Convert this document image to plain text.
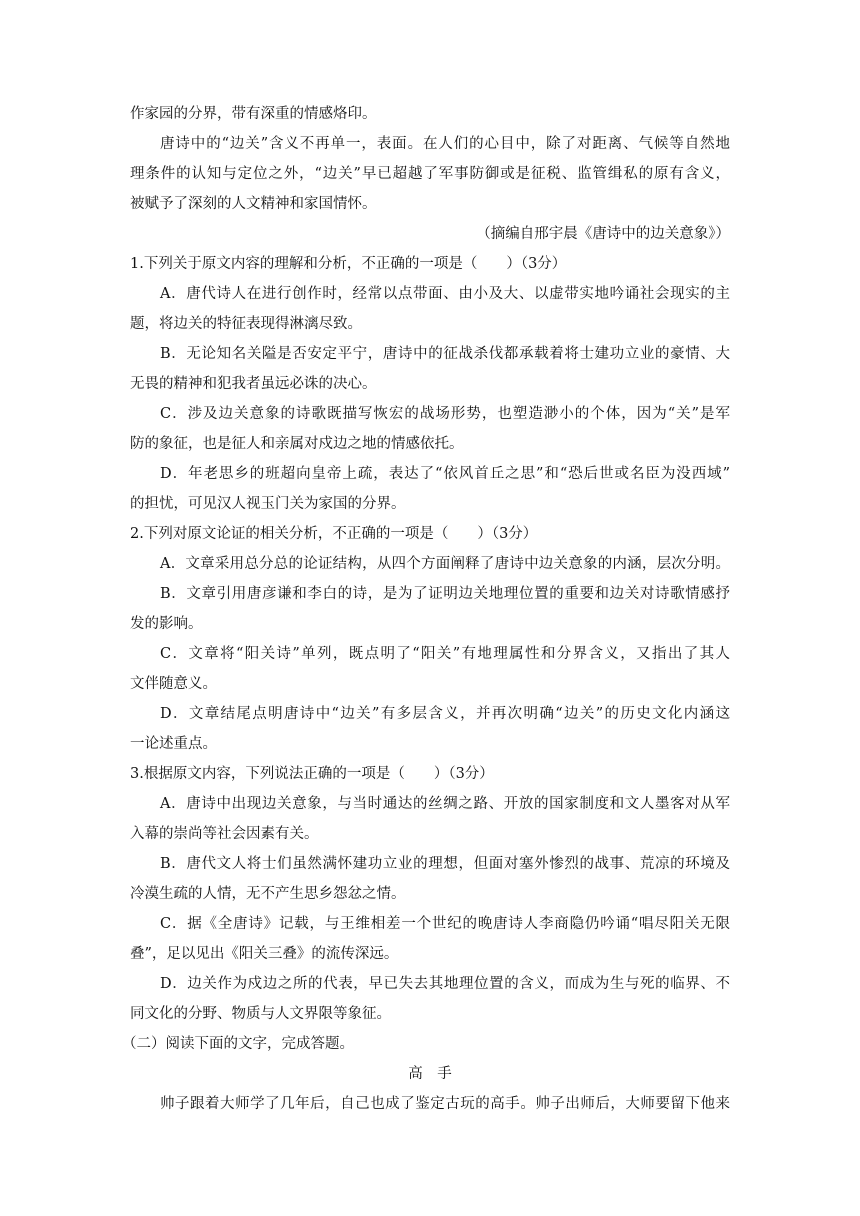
作家园的分界，带有深重的情感烙印。
唐诗中的“边关”含义不再单一，表面。在人们的心目中，除了对距离、气候等自然地
理条件的认知与定位之外，“边关”早已超越了军事防御或是征税、监管缉私的原有含义，
被赋予了深刻的人文精神和家国情怀。
（摘编自邢宇晨《唐诗中的边关意象》）
1.下列关于原文内容的理解和分析，不正确的一项是（　　）（3分）
A．唐代诗人在进行创作时，经常以点带面、由小及大、以虚带实地吟诵社会现实的主
题，将边关的特征表现得淋漓尽致。
B．无论知名关隘是否安定平宁，唐诗中的征战杀伐都承载着将士建功立业的豪情、大
无畏的精神和犯我者虽远必诛的决心。
C．涉及边关意象的诗歌既描写恢宏的战场形势，也塑造渺小的个体，因为“关”是军
防的象征，也是征人和亲属对戍边之地的情感依托。
D．年老思乡的班超向皇帝上疏，表达了“依风首丘之思”和“恐后世或名臣为没西域”
的担忧，可见汉人视玉门关为家国的分界。
2.下列对原文论证的相关分析，不正确的一项是（　　）（3分）
A．文章采用总分总的论证结构，从四个方面阐释了唐诗中边关意象的内涵，层次分明。
B．文章引用唐彦谦和李白的诗，是为了证明边关地理位置的重要和边关对诗歌情感抒
发的影响。
C．文章将“阳关诗”单列，既点明了“阳关”有地理属性和分界含义，又指出了其人
文伴随意义。
D．文章结尾点明唐诗中“边关”有多层含义，并再次明确“边关”的历史文化内涵这
一论述重点。
3.根据原文内容，下列说法正确的一项是（　　）（3分）
A．唐诗中出现边关意象，与当时通达的丝绸之路、开放的国家制度和文人墨客对从军
入幕的崇尚等社会因素有关。
B．唐代文人将士们虽然满怀建功立业的理想，但面对塞外惨烈的战事、荒凉的环境及
冷漠生疏的人情，无不产生思乡怨忿之情。
C．据《全唐诗》记载，与王维相差一个世纪的晚唐诗人李商隐仍吟诵“唱尽阳关无限
叠”，足以见出《阳关三叠》的流传深远。
D．边关作为戍边之所的代表，早已失去其地理位置的含义，而成为生与死的临界、不
同文化的分野、物质与人文界限等象征。
（二）阅读下面的文字，完成答题。
高　手
帅子跟着大师学了几年后，自己也成了鉴定古玩的高手。帅子出师后，大师要留下他来
